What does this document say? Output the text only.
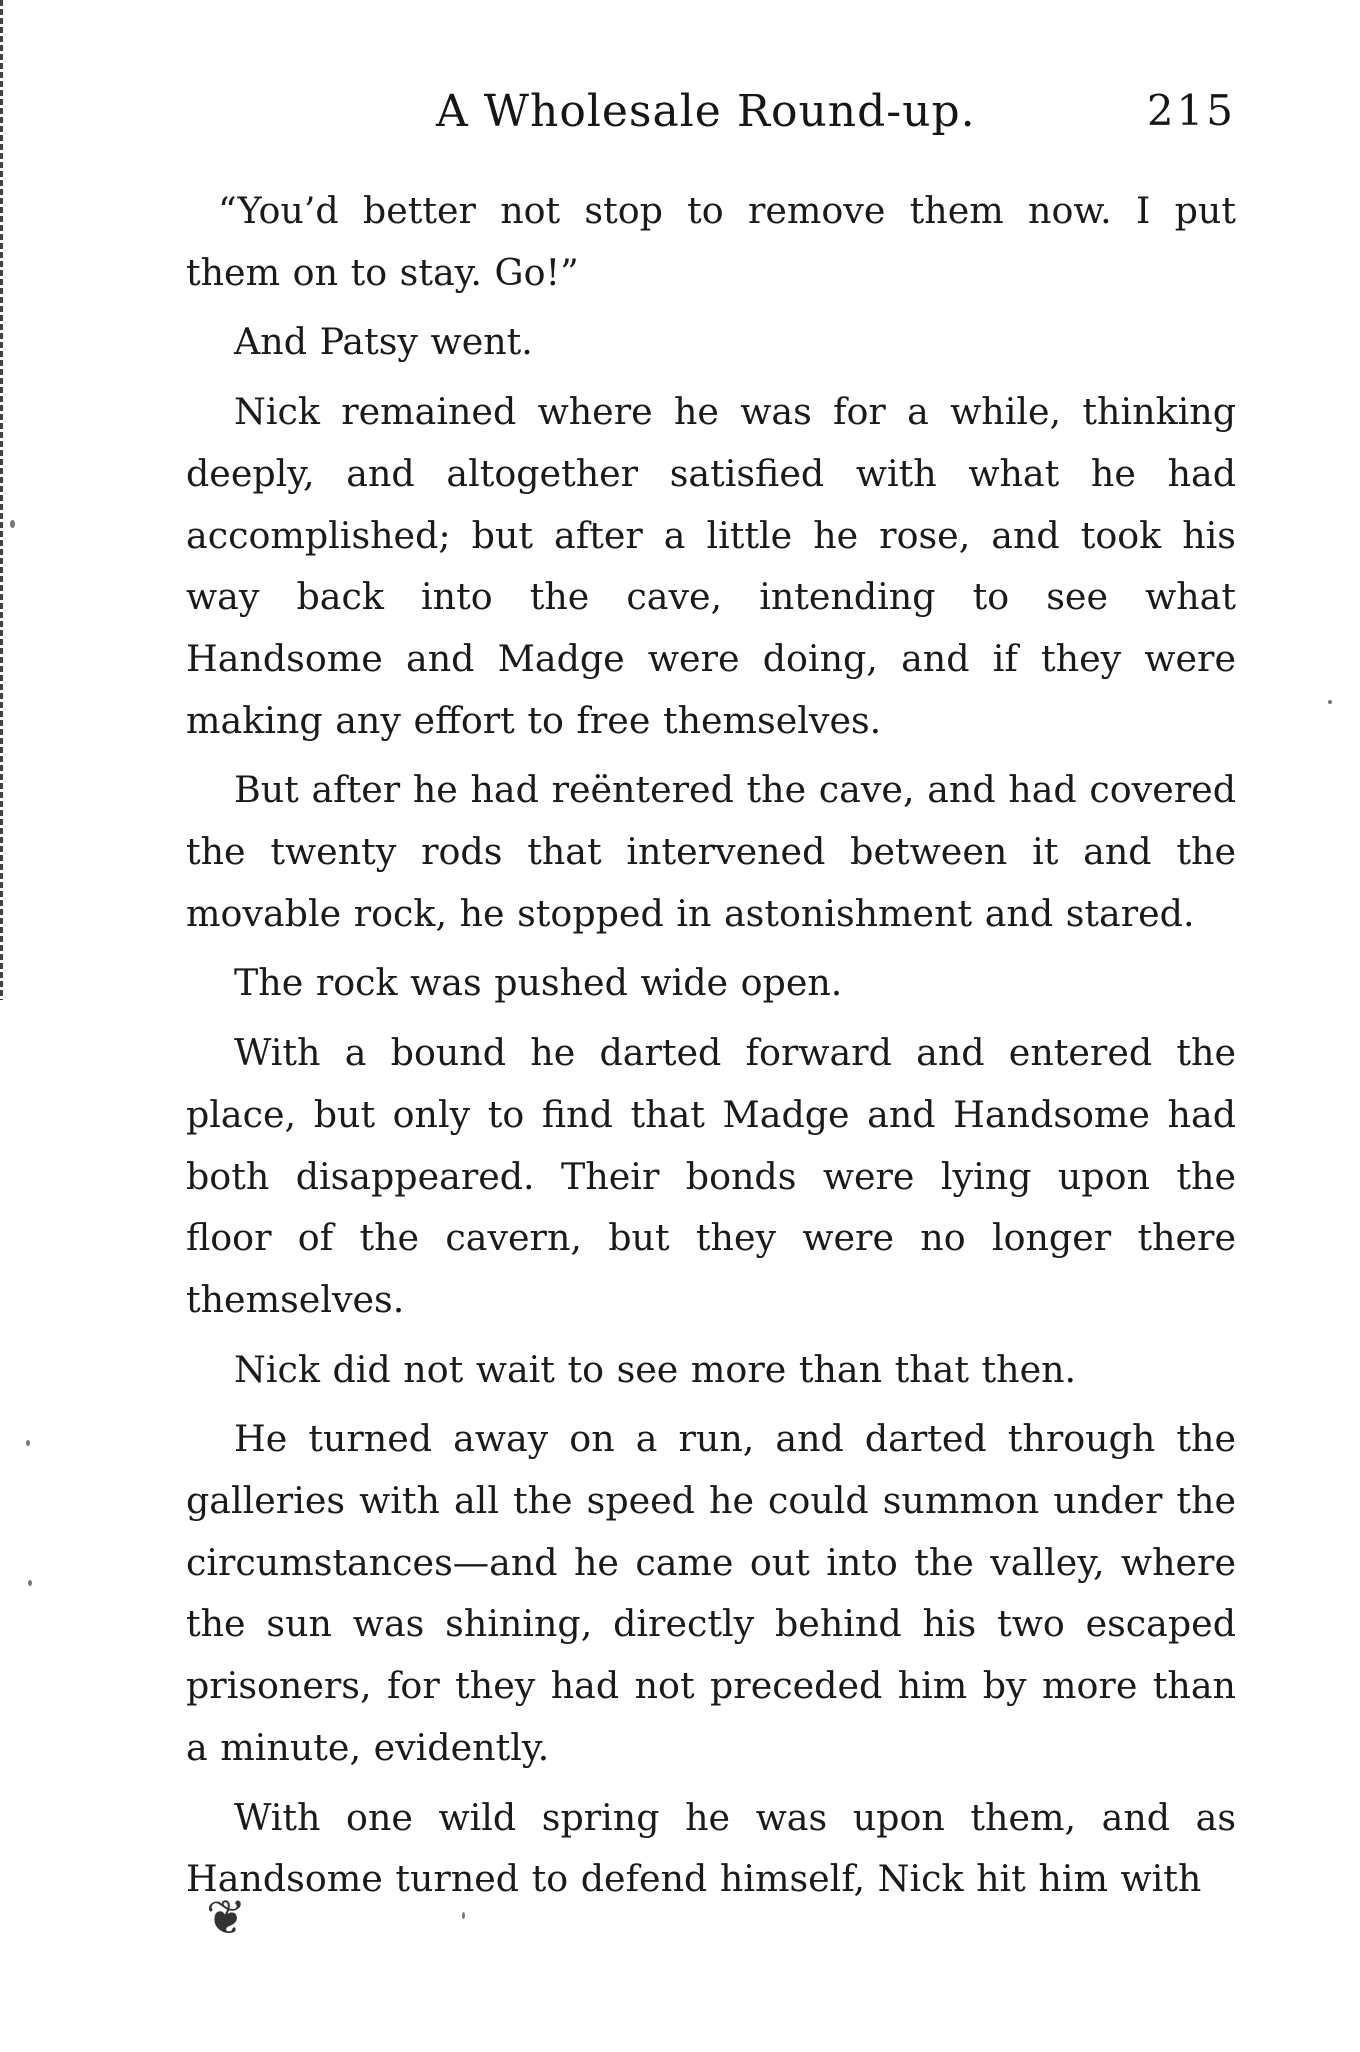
A Wholesale Round-up.	215

“You’d better not stop to remove them now. I put them on to stay. Go!”

And Patsy went.

Nick remained where he was for a while, thinking deeply, and altogether satisfied with what he had accomplished; but after a little he rose, and took his way back into the cave, intending to see what Handsome and Madge were doing, and if they were making any effort to free themselves.

But after he had reëntered the cave, and had covered the twenty rods that intervened between it and the movable rock, he stopped in astonishment and stared.

The rock was pushed wide open.

With a bound he darted forward and entered the place, but only to find that Madge and Handsome had both disappeared. Their bonds were lying upon the floor of the cavern, but they were no longer there themselves.

Nick did not wait to see more than that then.

He turned away on a run, and darted through the galleries with all the speed he could summon under the circumstances—and he came out into the valley, where the sun was shining, directly behind his two escaped prisoners, for they had not preceded him by more than a minute, evidently.

With one wild spring he was upon them, and as Handsome turned to defend himself, Nick hit him with

❦
